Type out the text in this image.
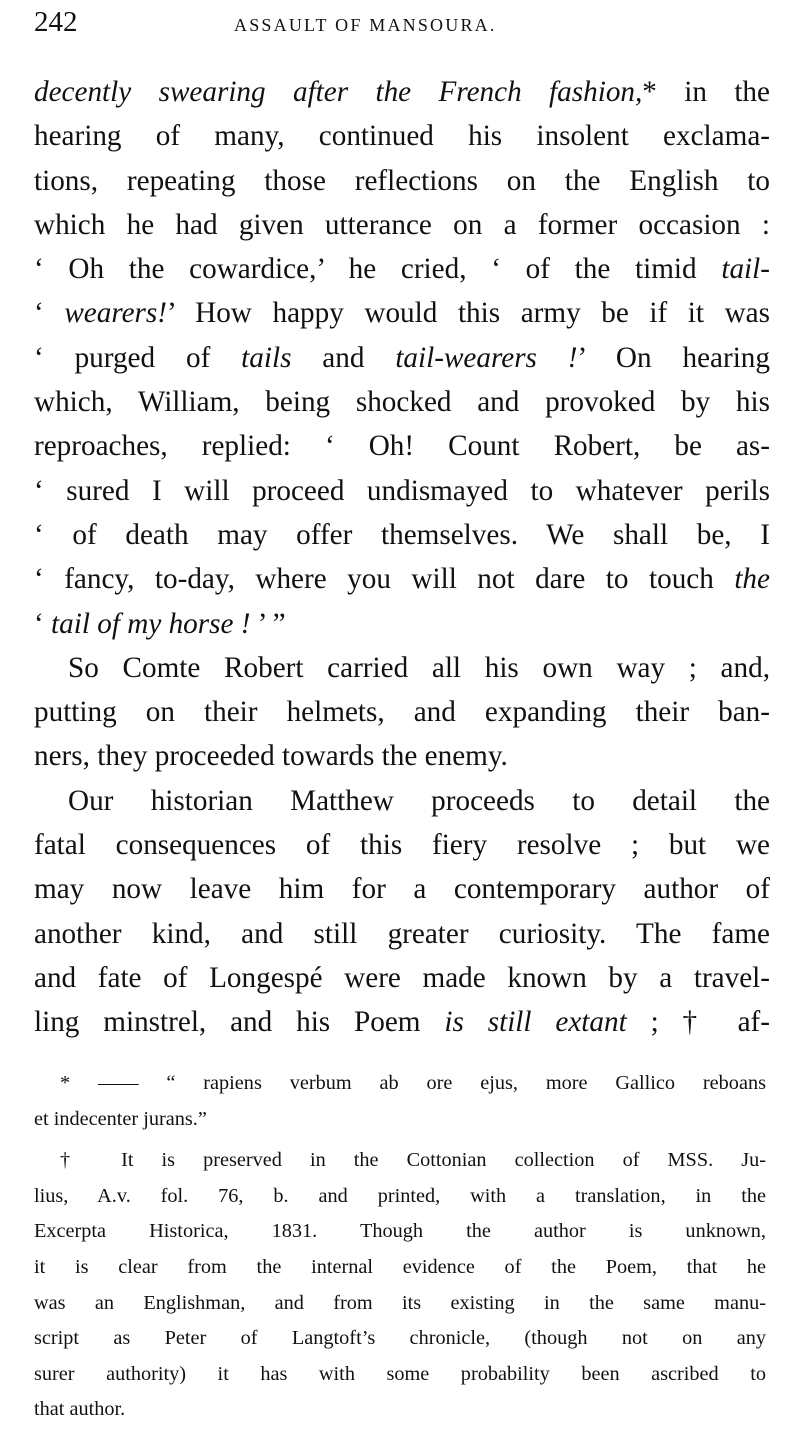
242	ASSAULT OF MANSOURA.
decently swearing after the French fashion,* in the
hearing of many, continued his insolent exclama-
tions, repeating those reflections on the English to
which he had given utterance on a former occasion :
‘ Oh the cowardice,’ he cried, ‘ of the timid tail-
‘ wearers!’ How happy would this army be if it was
‘ purged of tails and tail-wearers !’ On hearing
which, William, being shocked and provoked by his
reproaches, replied: ‘ Oh! Count Robert, be as-
‘ sured I will proceed undismayed to whatever perils
‘ of death may offer themselves. We shall be, I
‘ fancy, to-day, where you will not dare to touch the
‘ tail of my horse ! ’ ”
So Comte Robert carried all his own way ; and,
putting on their helmets, and expanding their ban-
ners, they proceeded towards the enemy.
Our historian Matthew proceeds to detail the
fatal consequences of this fiery resolve ; but we
may now leave him for a contemporary author of
another kind, and still greater curiosity. The fame
and fate of Longespé were made known by a travel-
ling minstrel, and his Poem is still extant ; † af-
* —— “ rapiens verbum ab ore ejus, more Gallico reboans
et indecenter jurans.”
† It is preserved in the Cottonian collection of MSS. Ju-
lius, A.v. fol. 76, b. and printed, with a translation, in the
Excerpta Historica, 1831. Though the author is unknown,
it is clear from the internal evidence of the Poem, that he
was an Englishman, and from its existing in the same manu-
script as Peter of Langtoft’s chronicle, (though not on any
surer authority) it has with some probability been ascribed to
that author.
